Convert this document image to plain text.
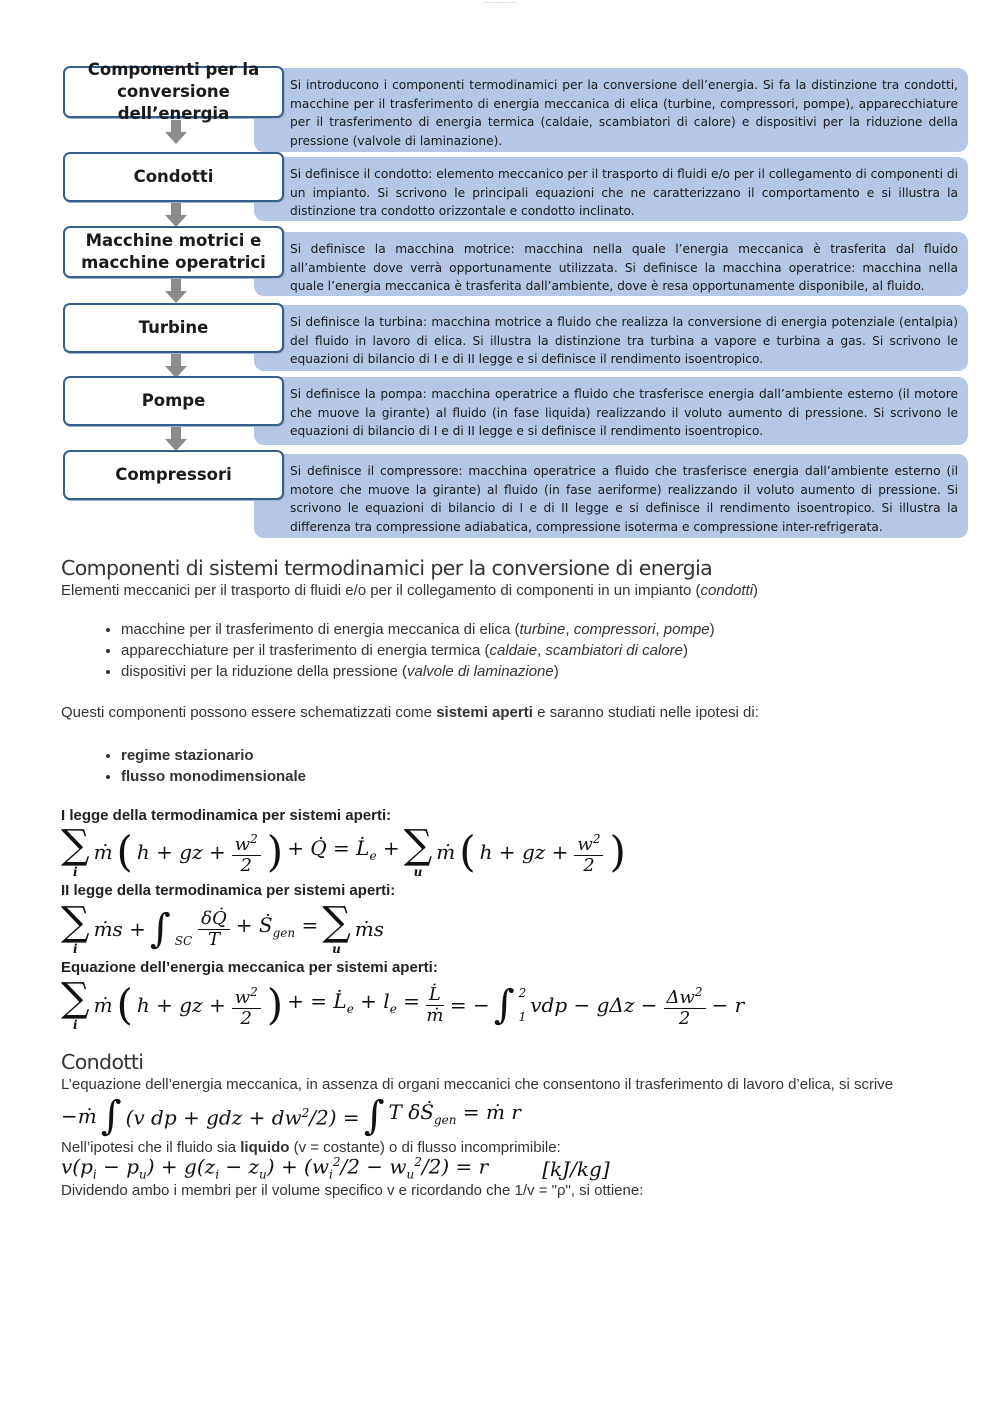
—— —— ——
Si introducono i componenti termodinamici per la conversione dell’energia. Si fa la distinzione tra condotti, macchine per il trasferimento di energia meccanica di elica (turbine, compressori, pompe), apparecchiature per il trasferimento di energia termica (caldaie, scambiatori di calore) e dispositivi per la riduzione della pressione (valvole di laminazione).
Componenti per la
conversione dell’energia
Si definisce il condotto: elemento meccanico per il trasporto di fluidi e/o per il collegamento di componenti di un impianto. Si scrivono le principali equazioni che ne caratterizzano il comportamento e si illustra la distinzione tra condotto orizzontale e condotto inclinato.
Condotti
Si definisce la macchina motrice: macchina nella quale l’energia meccanica è trasferita dal fluido all’ambiente dove verrà opportunamente utilizzata. Si definisce la macchina operatrice: macchina nella quale l’energia meccanica è trasferita dall’ambiente, dove è resa opportunamente disponibile, al fluido.
Macchine motrici e
macchine operatrici
Si definisce la turbina: macchina motrice a fluido che realizza la conversione di energia potenziale (entalpia) del fluido in lavoro di elica. Si illustra la distinzione tra turbina a vapore e turbina a gas. Si scrivono le equazioni di bilancio di I e di II legge e si definisce il rendimento isoentropico.
Turbine
Si definisce la pompa: macchina operatrice a fluido che trasferisce energia dall’ambiente esterno (il motore che muove la girante) al fluido (in fase liquida) realizzando il voluto aumento di pressione. Si scrivono le equazioni di bilancio di I e di II legge e si definisce il rendimento isoentropico.
Pompe
Si definisce il compressore: macchina operatrice a fluido che trasferisce energia dall’ambiente esterno (il motore che muove la girante) al fluido (in fase aeriforme) realizzando il voluto aumento di pressione. Si scrivono le equazioni di bilancio di I e di II legge e si definisce il rendimento isoentropico. Si illustra la differenza tra compressione adiabatica, compressione isoterma e compressione inter-refrigerata.
Compressori
Componenti di sistemi termodinamici per la conversione di energia

Elementi meccanici per il trasporto di fluidi e/o per il collegamento di componenti in un impianto (condotti)

• macchine per il trasferimento di energia meccanica di elica (turbine, compressori, pompe)
• apparecchiature per il trasferimento di energia termica (caldaie, scambiatori di calore)
• dispositivi per la riduzione della pressione (valvole di laminazione)

Questi componenti possono essere schematizzati come sistemi aperti e saranno studiati nelle ipotesi di:

• regime stazionario
• flusso monodimensionale
I legge della termodinamica per sistemi aperti:
∑
i
ṁ ( h + gz + $\frac{w^2}{2}$ ) + Q̇ = $L̇_e$ + ∑
u
ṁ ( h + gz + $\frac{w^2}{2}$ )
II legge della termodinamica per sistemi aperti:
∑
i
ṁs + ∫ $_{SC} \frac{\delta Q̇}{T}$ + Ṡ$_{gen}$ = ∑
u
ṁs
Equazione dell’energia meccanica per sistemi aperti:
∑
i
ṁ ( h + gz + $\frac{w^2}{2}$ ) + = $L̇_e + l_e = \frac{L̇}{\text{ṁ}}$ = − ∫ 2
1
vdp − $g\Delta z - \frac{\Delta w^2}{2} - r$
Condotti

L’equazione dell’energia meccanica, in assenza di organi meccanici che consentono il trasferimento di lavoro d’elica, si scrive

−ṁ ∫ (v dp + gdz + $dw^2/2$) = ∫ T δṠ$_{gen}$ = ṁ r

Nell’ipotesi che il fluido sia liquido (v = costante) o di flusso incomprimibile:

$v(p_i - p_u) + g(z_i - z_u) + (w_i^2/2 - w_u^2/2) = r$	[kJ/kg]

Dividendo ambo i membri per il volume specifico v e ricordando che 1/v = "ρ", si ottiene:
